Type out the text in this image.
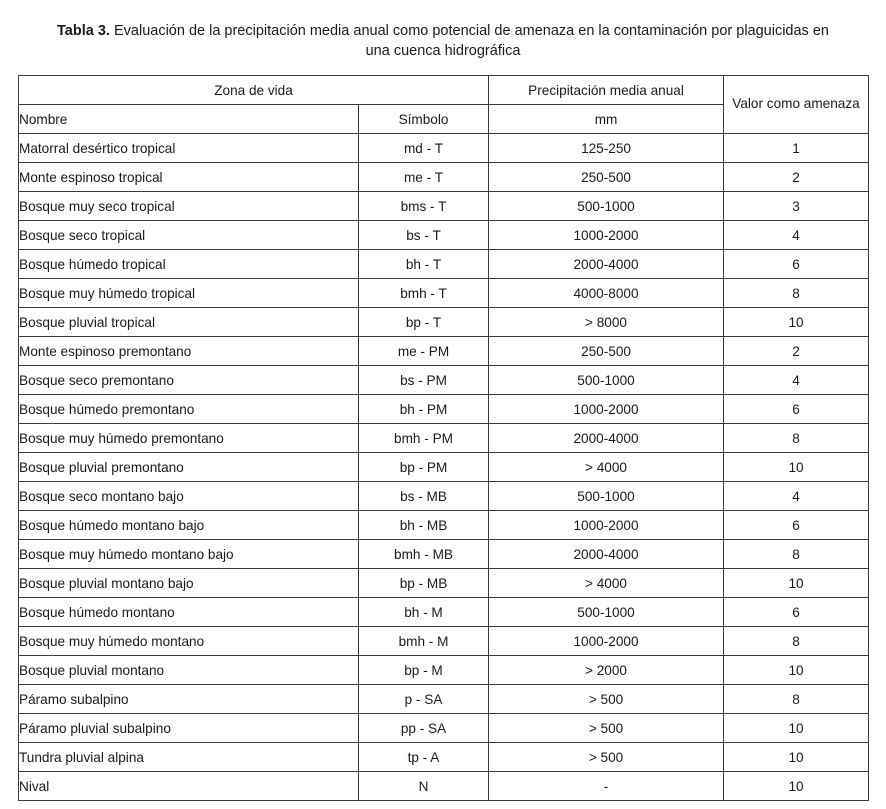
Tabla 3. Evaluación de la precipitación media anual como potencial de amenaza en la contaminación por plaguicidas en una cuenca hidrográfica

Zona de vida		Precipitación media anual	Valor como amenaza
Nombre	Símbolo	mm	
Matorral desértico tropical	md - T	125-250	1
Monte espinoso tropical	me - T	250-500	2
Bosque muy seco tropical	bms - T	500-1000	3
Bosque seco tropical	bs - T	1000-2000	4
Bosque húmedo tropical	bh - T	2000-4000	6
Bosque muy húmedo tropical	bmh - T	4000-8000	8
Bosque pluvial tropical	bp - T	> 8000	10
Monte espinoso premontano	me - PM	250-500	2
Bosque seco premontano	bs - PM	500-1000	4
Bosque húmedo premontano	bh - PM	1000-2000	6
Bosque muy húmedo premontano	bmh - PM	2000-4000	8
Bosque pluvial premontano	bp - PM	> 4000	10
Bosque seco montano bajo	bs - MB	500-1000	4
Bosque húmedo montano bajo	bh - MB	1000-2000	6
Bosque muy húmedo montano bajo	bmh - MB	2000-4000	8
Bosque pluvial montano bajo	bp - MB	> 4000	10
Bosque húmedo montano	bh - M	500-1000	6
Bosque muy húmedo montano	bmh - M	1000-2000	8
Bosque pluvial montano	bp - M	> 2000	10
Páramo subalpino	p - SA	> 500	8
Páramo pluvial subalpino	pp - SA	> 500	10
Tundra pluvial alpina	tp - A	> 500	10
Nival	N	-	10
